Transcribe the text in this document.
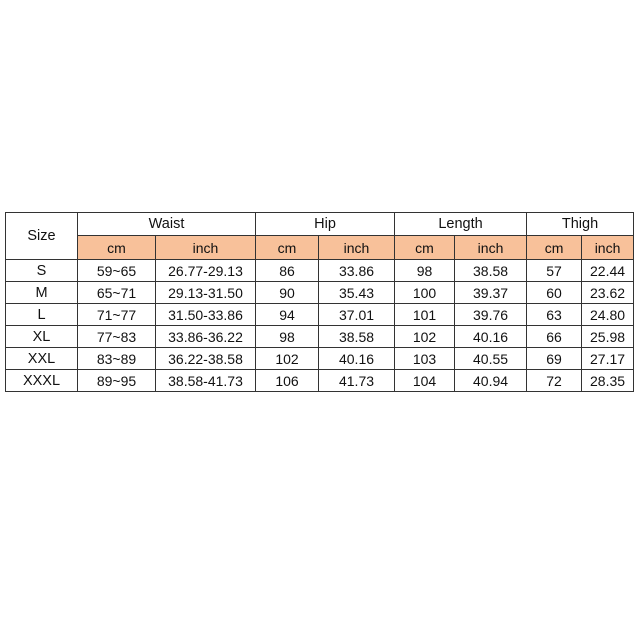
Size	Waist		Hip		Length		Thigh	
	cm	inch	cm	inch	cm	inch	cm	inch
S	59~65	26.77-29.13	86	33.86	98	38.58	57	22.44
M	65~71	29.13-31.50	90	35.43	100	39.37	60	23.62
L	71~77	31.50-33.86	94	37.01	101	39.76	63	24.80
XL	77~83	33.86-36.22	98	38.58	102	40.16	66	25.98
XXL	83~89	36.22-38.58	102	40.16	103	40.55	69	27.17
XXXL	89~95	38.58-41.73	106	41.73	104	40.94	72	28.35
